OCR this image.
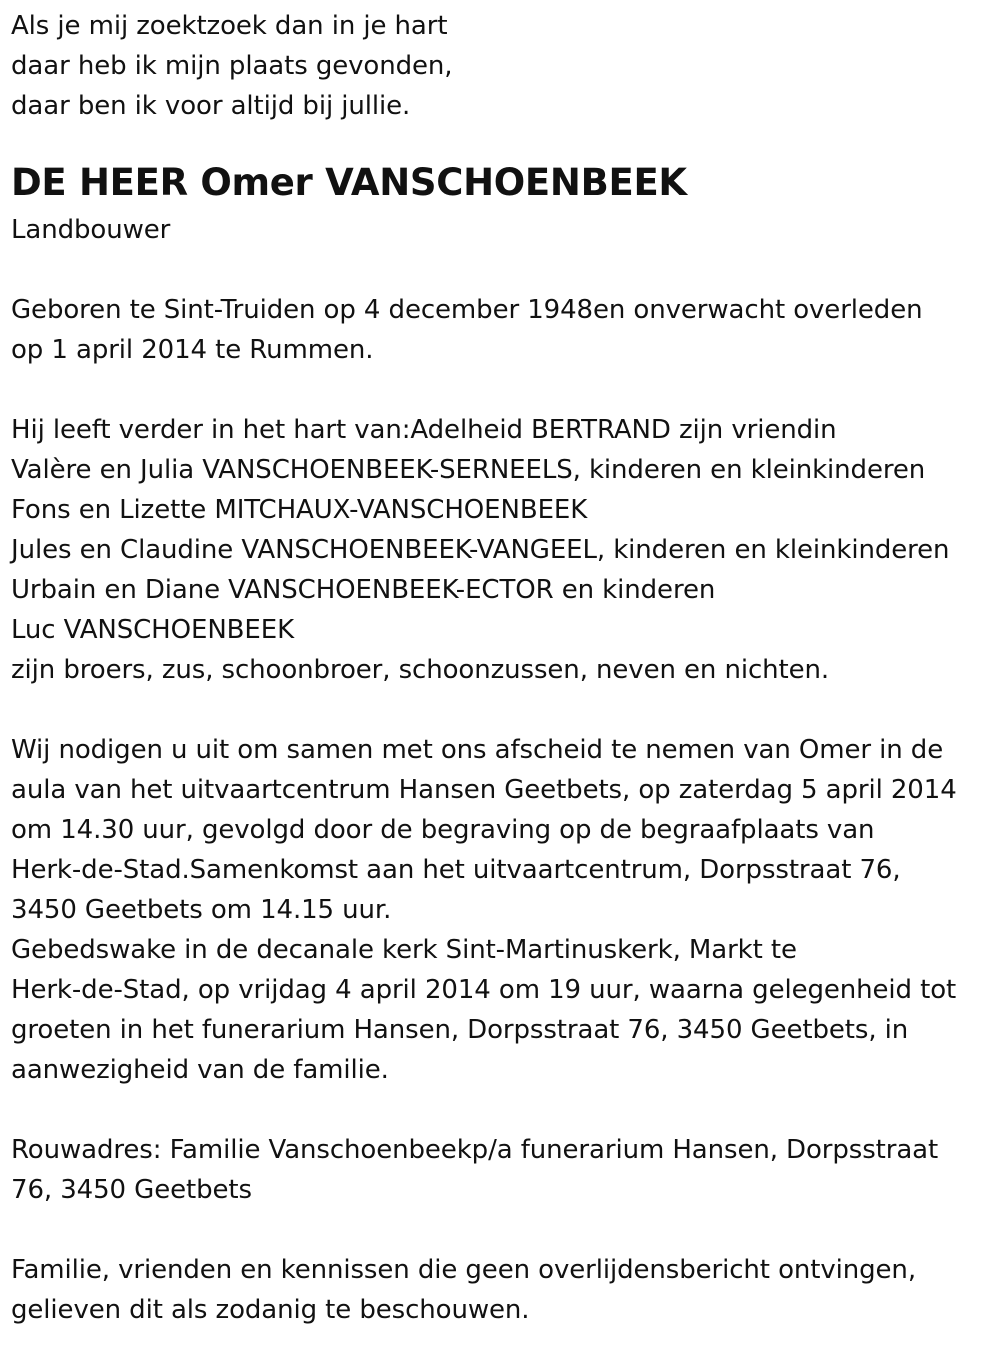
Als je mij zoektzoek dan in je hart
daar heb ik mijn plaats gevonden,
daar ben ik voor altijd bij jullie.
DE HEER Omer VANSCHOENBEEK
Landbouwer
Geboren te Sint-Truiden op 4 december 1948en onverwacht overleden
op 1 april 2014 te Rummen.
Hij leeft verder in het hart van:Adelheid BERTRAND zijn vriendin
Valère en Julia VANSCHOENBEEK-SERNEELS, kinderen en kleinkinderen
Fons en Lizette MITCHAUX-VANSCHOENBEEK
Jules en Claudine VANSCHOENBEEK-VANGEEL, kinderen en kleinkinderen
Urbain en Diane VANSCHOENBEEK-ECTOR en kinderen
Luc VANSCHOENBEEK
zijn broers, zus, schoonbroer, schoonzussen, neven en nichten.
Wij nodigen u uit om samen met ons afscheid te nemen van Omer in de
aula van het uitvaartcentrum Hansen Geetbets, op zaterdag 5 april 2014
om 14.30 uur, gevolgd door de begraving op de begraafplaats van
Herk-de-Stad.Samenkomst aan het uitvaartcentrum, Dorpsstraat 76,
3450 Geetbets om 14.15 uur.
Gebedswake in de decanale kerk Sint-Martinuskerk, Markt te
Herk-de-Stad, op vrijdag 4 april 2014 om 19 uur, waarna gelegenheid tot
groeten in het funerarium Hansen, Dorpsstraat 76, 3450 Geetbets, in
aanwezigheid van de familie.
Rouwadres: Familie Vanschoenbeekp/a funerarium Hansen, Dorpsstraat
76, 3450 Geetbets
Familie, vrienden en kennissen die geen overlijdensbericht ontvingen,
gelieven dit als zodanig te beschouwen.
